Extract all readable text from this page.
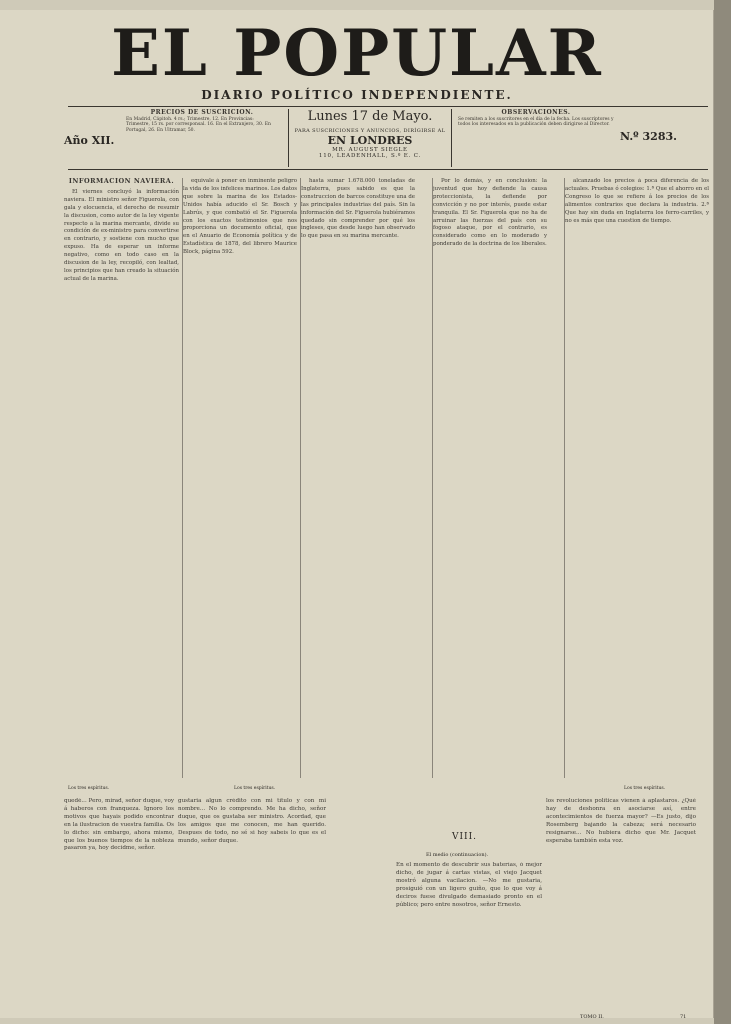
EL POPULAR
DIARIO POLÍTICO INDEPENDIENTE.
Año XII.	N.º 3283.
PRECIOS DE SUSCRICION.

En Madrid, Cápitoh. 4 rs.; Trimestre, 12. En Provincias: Trimestre, 15 rs. por corresponsal. 16. En el Extranjero, 30. En Portugal, 26. En Ultramar, 50.

Lunes 17 de Mayo.
PARA SUSCRICIONES Y ANUNCIOS, DIRÍGIRSE AL
EN LONDRES
MR. AUGUST SIEGLE
110, LEADENHALL, S.º E. C.
OBSERVACIONES.

Se remiten a los suscritores en el día de la fecha. Los suscriptores y todos los interesados en la publicación deben dirigirse al Director.

INFORMACION NAVIERA.
El viernes concluyó la información naviera. El ministro señor Figuerola, con gala y elocuencia, el derecho de resumir la discusion, como autor de la ley vigente respecto a la marina mercante, divide su condición de ex-ministro para convertirse en contrario, y sostiene con mucho que expuso. Ha de esperar un informe negativo, como en todo caso en la discusion de la ley, recopiló, con lealtad, los principios que han creado la situación actual de la marina.
equivale á poner en inminente peligro la vida de los infelices marinos. Los datos que sobre la marina de los Estados-Unidos había aducido el Sr. Bosch y Labrús, y que combatió el Sr. Figuerola con los exactos testimonios que nos proporciona un documento oficial, que en el Anuario de Economía política y de Estadística de 1878, del librero Maurice Block, página 592.
hasta sumar 1.678.000 toneladas de Inglaterra, pues sabido es que la construccion de barcos constituye una de las principales industrias del país. Sin la información del Sr. Figuerola hubiéramos quedado sin comprender por qué los ingleses, que desde luego han observado lo que pasa en su marina mercante.
Por lo demás, y en conclusion: la juventud que hoy defiende la causa proteccionista, la defiende por convicción y no por interés, puede estar tranquila. El Sr. Figuerola que no ha de arruinar las fuerzas del país con su fogoso ataque, por el contrario, es considerado como en lo moderado y ponderado de la doctrina de los liberales.
alcanzado los precios á poca diferencia de los actuales. Pruebas ó colegios: 1.ª Que el ahorro en el Congreso lo que se refiere á los precios de los alimentos contrarios que declara la industria. 2.ª Que hay sin duda en Inglaterra los ferro-carriles, y no es más que una cuestion de tiempo.
Los tres espíritus.	Los tres espíritus.	Los tres espíritus.
quedé... Pero, mirad, señor duque, voy á haberos con franqueza. Ignoro los motivos que hayais podido encontrar en la ilustracion de vuestra familia. Os lo dicho: sin embargo, ahora mismo, que los buenos tiempos de la nobleza pasaron ya, hoy decidme, señor.
gustaria algun crédito con mi título y con mi nombre... No lo comprendo. Me ha dicho, señor duque, que os gustaba ser ministro. Acordad, que los amigos que me conocen, me han querido. Despues de todo, no sé si hoy sabeis lo que es el mundo, señor duque.	VIII.
El medio (continuacion).
En el momento de descubrir sus baterías, ó mejor dicho, de jugar á cartas vistas, el viejo Jacquet mostró alguna vacilacion. —No me gustaria, prosiguió con un ligero guiño, que lo que voy á deciros fuese divulgado demasiado pronto en el público; pero entre nosotros, señor Ernesto.
los revoluciones políticas vienen á aplastaros. ¿Qué hay de deshonra en asociarse así, entre acontecimientos de fuerza mayor? —Es justo, dijo Rosemberg bajando la cabeza; será necesario resignarse... No hubiera dicho que Mr. Jacquet esperaba también esta voz.
TOMO II.	71
